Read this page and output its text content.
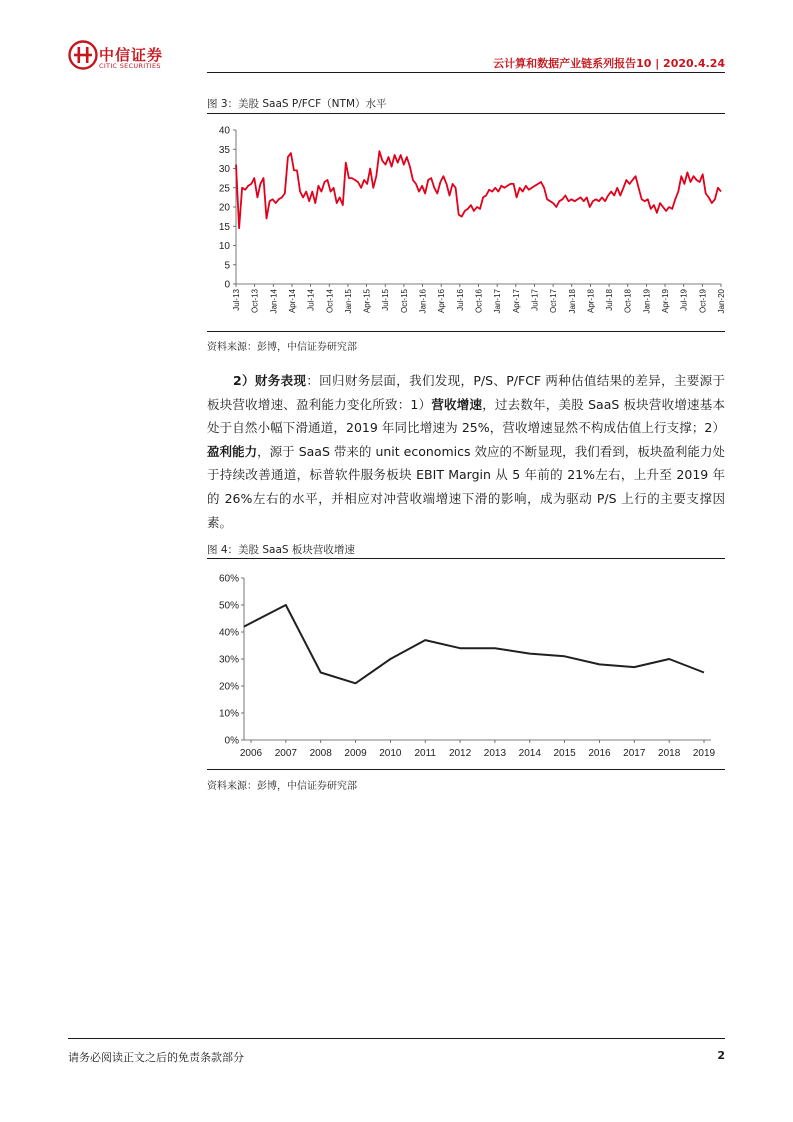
中信证券
CITIC SECURITIES	云计算和数据产业链系列报告10 | 2020.4.24
图 3：美股 SaaS P/FCF（NTM）水平
0
5
10
15
20
25
30
35
40
Jul-13 Oct-13 Jan-14 Apr-14 Jul-14 Oct-14 Jan-15 Apr-15 Jul-15 Oct-15 Jan-16 Apr-16 Jul-16 Oct-16 Jan-17 Apr-17 Jul-17 Oct-17 Jan-18 Apr-18 Jul-18 Oct-18 Jan-19 Apr-19 Jul-19 Oct-19 Jan-20
资料来源：彭博，中信证券研究部

2）财务表现：回归财务层面，我们发现，P/S、P/FCF 两种估值结果的差异，主要源于板块营收增速、盈利能力变化所致：1）营收增速，过去数年，美股 SaaS 板块营收增速基本处于自然小幅下滑通道，2019 年同比增速为 25%，营收增速显然不构成估值上行支撑；2）盈利能力，源于 SaaS 带来的 unit economics 效应的不断显现，我们看到，板块盈利能力处于持续改善通道，标普软件服务板块 EBIT Margin 从 5 年前的 21%左右，上升至 2019 年的 26%左右的水平，并相应对冲营收端增速下滑的影响，成为驱动 P/S 上行的主要支撑因素。

图 4：美股 SaaS 板块营收增速
0%
10%
20%
30%
40%
50%
60%
2006 2007 2008 2009 2010 2011 2012 2013 2014 2015 2016 2017 2018 2019
资料来源：彭博，中信证券研究部
请务必阅读正文之后的免责条款部分	2
